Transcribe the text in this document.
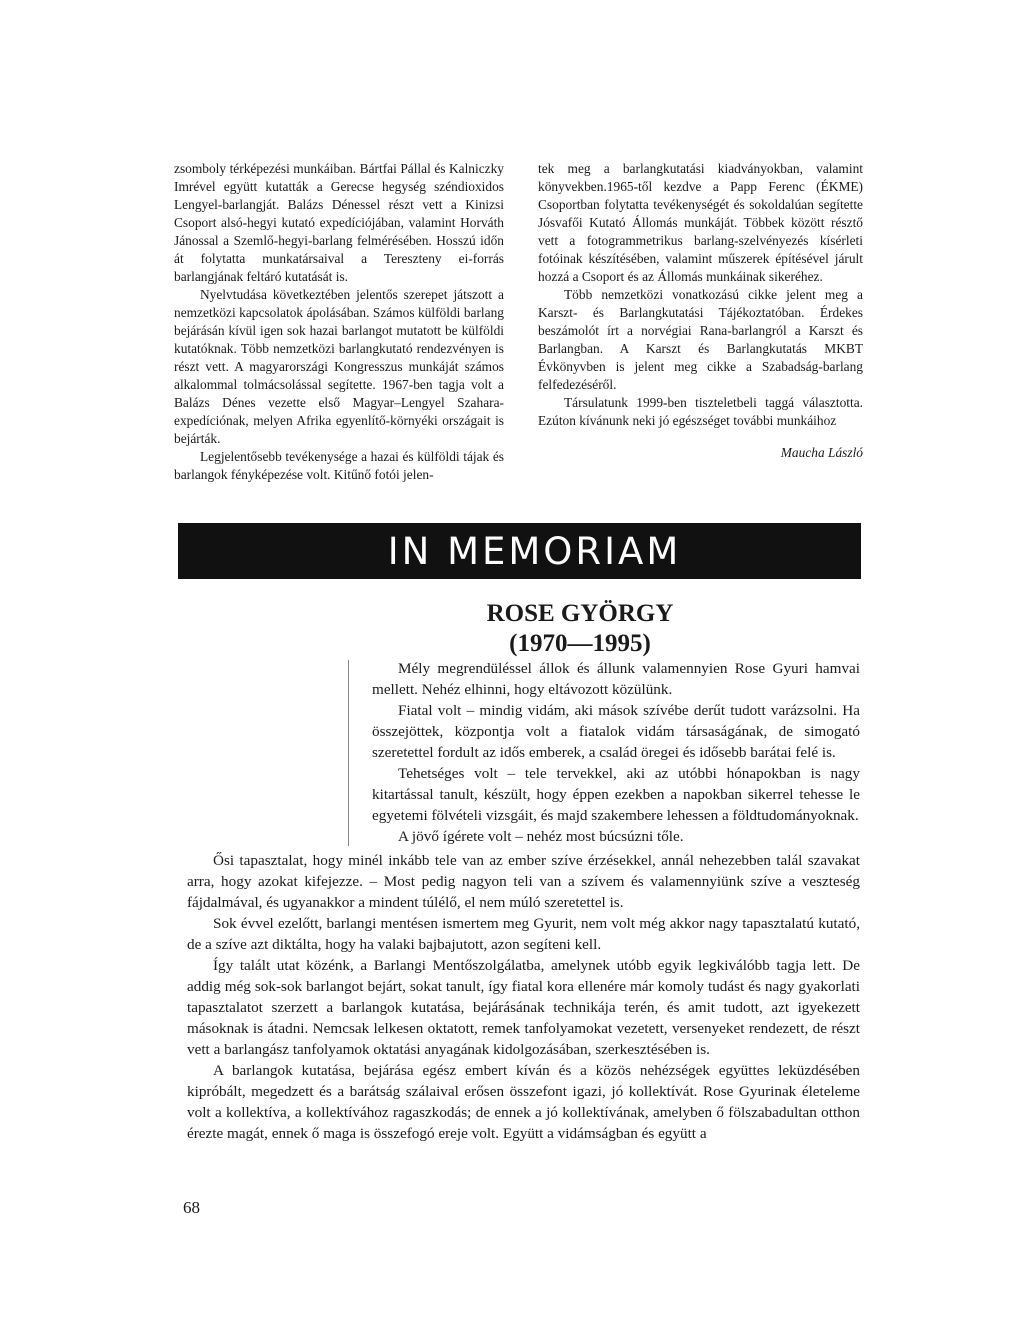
zsomboly térképezési munkáiban. Bártfai Pállal és Kalniczky Imrével együtt kutatták a Gerecse hegység széndioxidos Lengyel-barlangját. Balázs Dénessel részt vett a Kinizsi Csoport alsó-hegyi kutató expedíciójában, valamint Horváth Jánossal a Szemlő-hegyi-barlang felmérésében. Hosszú időn át folytatta munkatársaival a Tereszteny ei-forrás barlangjának feltáró kutatását is.

Nyelvtudása következtében jelentős szerepet játszott a nemzetközi kapcsolatok ápolásában. Számos külföldi barlang bejárásán kívül igen sok hazai barlangot mutatott be külföldi kutatóknak. Több nemzetközi barlangkutató rendezvényen is részt vett. A magyarországi Kongresszus munkáját számos alkalommal tolmácsolással segítette. 1967-ben tagja volt a Balázs Dénes vezette első Magyar–Lengyel Szahara-expedíciónak, melyen Afrika egyenlítő-környéki országait is bejárták.

Legjelentősebb tevékenysége a hazai és külföldi tájak és barlangok fényképezése volt. Kitűnő fotói jelen-

tek meg a barlangkutatási kiadványokban, valamint könyvekben.1965-től kezdve a Papp Ferenc (ÉKME) Csoportban folytatta tevékenységét és sokoldalúan segítette Jósvafői Kutató Állomás munkáját. Többek között résztő vett a fotogrammetrikus barlang-szelvényezés kísérleti fotóinak készítésében, valamint műszerek építésével járult hozzá a Csoport és az Állomás munkáinak sikeréhez.

Több nemzetközi vonatkozású cikke jelent meg a Karszt- és Barlangkutatási Tájékoztatóban. Érdekes beszámolót írt a norvégiai Rana-barlangról a Karszt és Barlangban. A Karszt és Barlangkutatás MKBT Évkönyvben is jelent meg cikke a Szabadság-barlang felfedezéséről.

Társulatunk 1999-ben tiszteletbeli taggá választotta. Ezúton kívánunk neki jó egészséget további munkáihoz

Maucha László

IN MEMORIAM
ROSE GYÖRGY
(1970—1995)

Mély megrendüléssel állok és állunk valamennyien Rose Gyuri hamvai mellett. Nehéz elhinni, hogy eltávozott közülünk.

Fiatal volt – mindig vidám, aki mások szívébe derűt tudott varázsolni. Ha összejöttek, központja volt a fiatalok vidám társaságának, de simogató szeretettel fordult az idős emberek, a család öregei és idősebb barátai felé is.

Tehetséges volt – tele tervekkel, aki az utóbbi hónapokban is nagy kitartással tanult, készült, hogy éppen ezekben a napokban sikerrel tehesse le egyetemi fölvételi vizsgáit, és majd szakembere lehessen a földtudományoknak.

A jövő ígérete volt – nehéz most búcsúzni tőle.

Ősi tapasztalat, hogy minél inkább tele van az ember szíve érzésekkel, annál nehezebben talál szavakat arra, hogy azokat kifejezze. – Most pedig nagyon teli van a szívem és valamennyiünk szíve a veszteség fájdalmával, és ugyanakkor a mindent túlélő, el nem múló szeretettel is.

Sok évvel ezelőtt, barlangi mentésen ismertem meg Gyurit, nem volt még akkor nagy tapasztalatú kutató, de a szíve azt diktálta, hogy ha valaki bajbajutott, azon segíteni kell.

Így talált utat közénk, a Barlangi Mentőszolgálatba, amelynek utóbb egyik legkiválóbb tagja lett. De addig még sok-sok barlangot bejárt, sokat tanult, így fiatal kora ellenére már komoly tudást és nagy gyakorlati tapasztalatot szerzett a barlangok kutatása, bejárásának technikája terén, és amit tudott, azt igyekezett másoknak is átadni. Nemcsak lelkesen oktatott, remek tanfolyamokat vezetett, versenyeket rendezett, de részt vett a barlangász tanfolyamok oktatási anyagának kidolgozásában, szerkesztésében is.

A barlangok kutatása, bejárása egész embert kíván és a közös nehézségek együttes leküzdésében kipróbált, megedzett és a barátság szálaival erősen összefont igazi, jó kollektívát. Rose Gyurinak életeleme volt a kollektíva, a kollektívához ragaszkodás; de ennek a jó kollektívának, amelyben ő fölszabadultan otthon érezte magát, ennek ő maga is összefogó ereje volt. Együtt a vidámságban és együtt a

68
